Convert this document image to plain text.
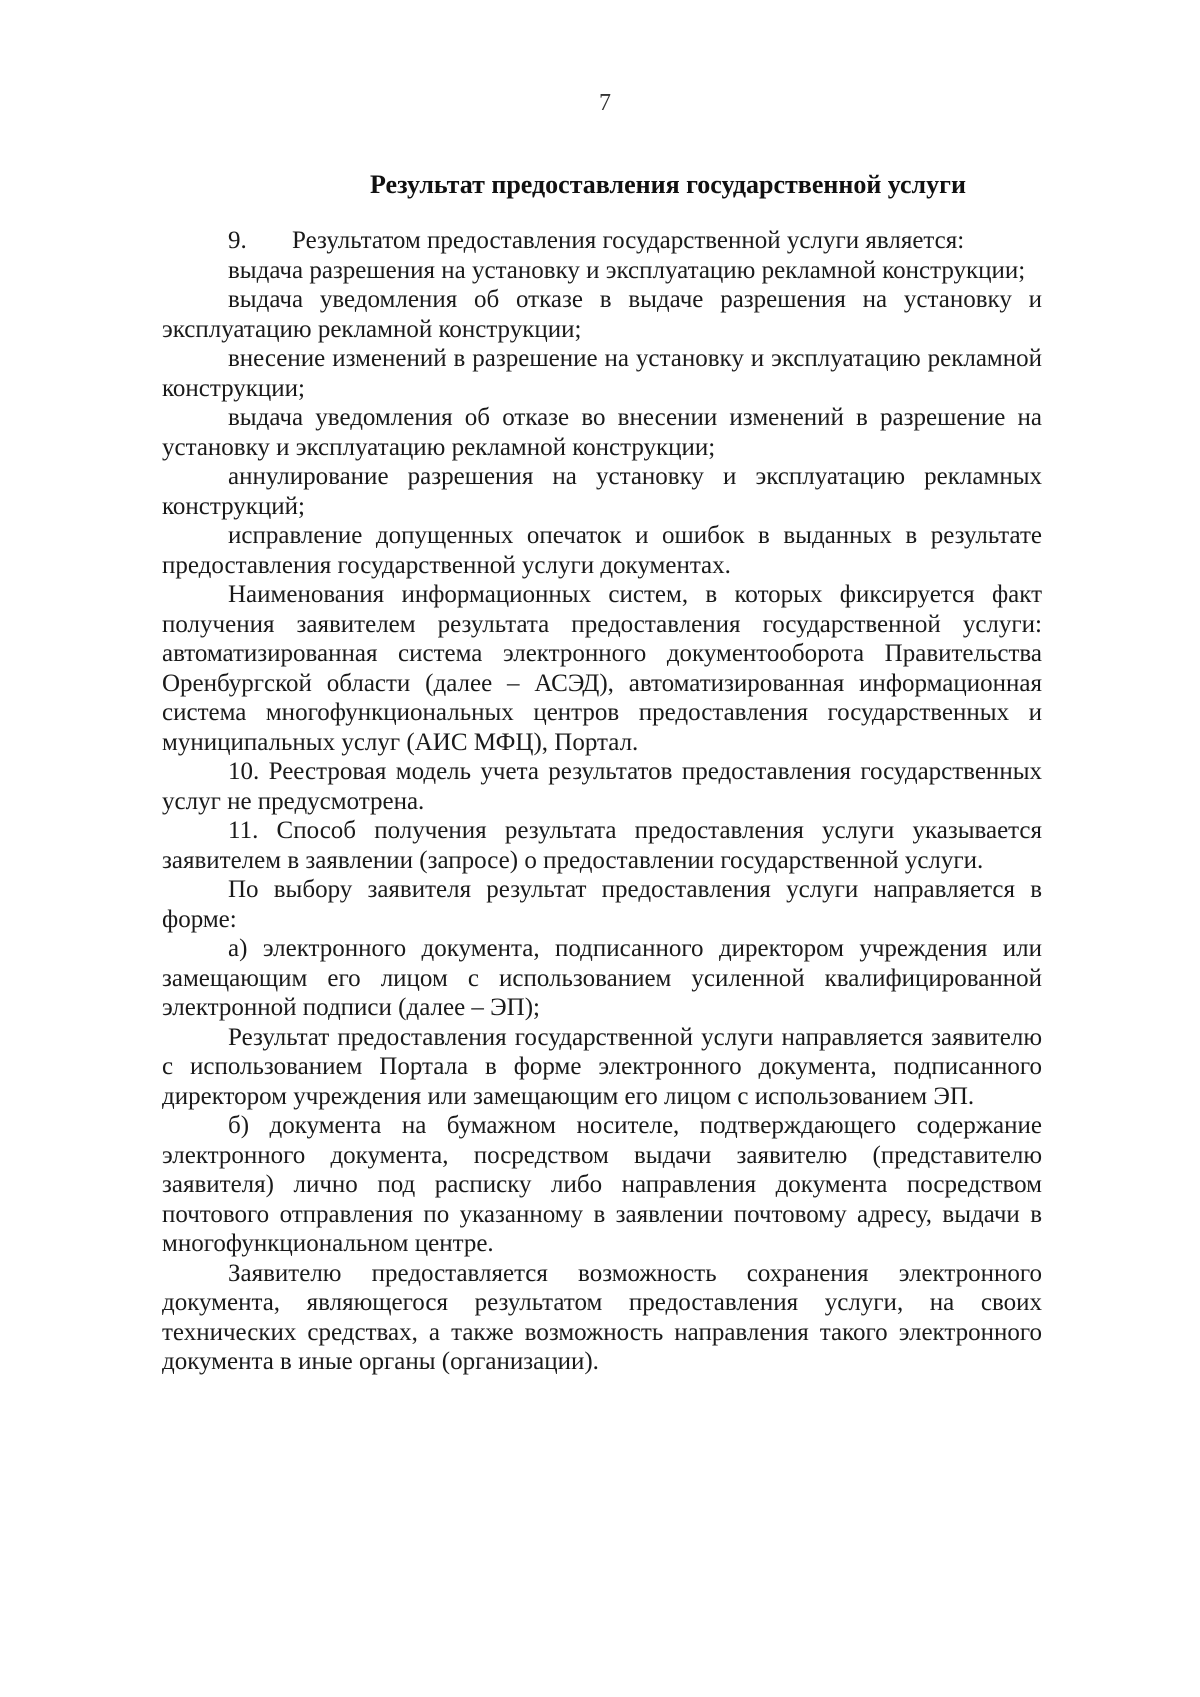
7
Результат предоставления государственной услуги
9.	Результатом предоставления государственной услуги является:

выдача разрешения на установку и эксплуатацию рекламной конструкции;

выдача уведомления об отказе в выдаче разрешения на установку и эксплуатацию рекламной конструкции;

внесение изменений в разрешение на установку и эксплуатацию рекламной конструкции;

выдача уведомления об отказе во внесении изменений в разрешение на установку и эксплуатацию рекламной конструкции;

аннулирование разрешения на установку и эксплуатацию рекламных конструкций;

исправление допущенных опечаток и ошибок в выданных в результате предоставления государственной услуги документах.

Наименования информационных систем, в которых фиксируется факт получения заявителем результата предоставления государственной услуги: автоматизированная система электронного документооборота Правительства Оренбургской области (далее – АСЭД), автоматизированная информационная система многофункциональных центров предоставления государственных и муниципальных услуг (АИС МФЦ), Портал.

10. Реестровая модель учета результатов предоставления государственных услуг не предусмотрена.

11. Способ получения результата предоставления услуги указывается заявителем в заявлении (запросе) о предоставлении государственной услуги.

По выбору заявителя результат предоставления услуги направляется в форме:

а) электронного документа, подписанного директором учреждения или замещающим его лицом с использованием усиленной квалифицированной электронной подписи (далее – ЭП);

Результат предоставления государственной услуги направляется заявителю с использованием Портала в форме электронного документа, подписанного директором учреждения или замещающим его лицом с использованием ЭП.

б) документа на бумажном носителе, подтверждающего содержание электронного документа, посредством выдачи заявителю (представителю заявителя) лично под расписку либо направления документа посредством почтового отправления по указанному в заявлении почтовому адресу, выдачи в многофункциональном центре.

Заявителю предоставляется возможность сохранения электронного документа, являющегося результатом предоставления услуги, на своих технических средствах, а также возможность направления такого электронного документа в иные органы (организации).
